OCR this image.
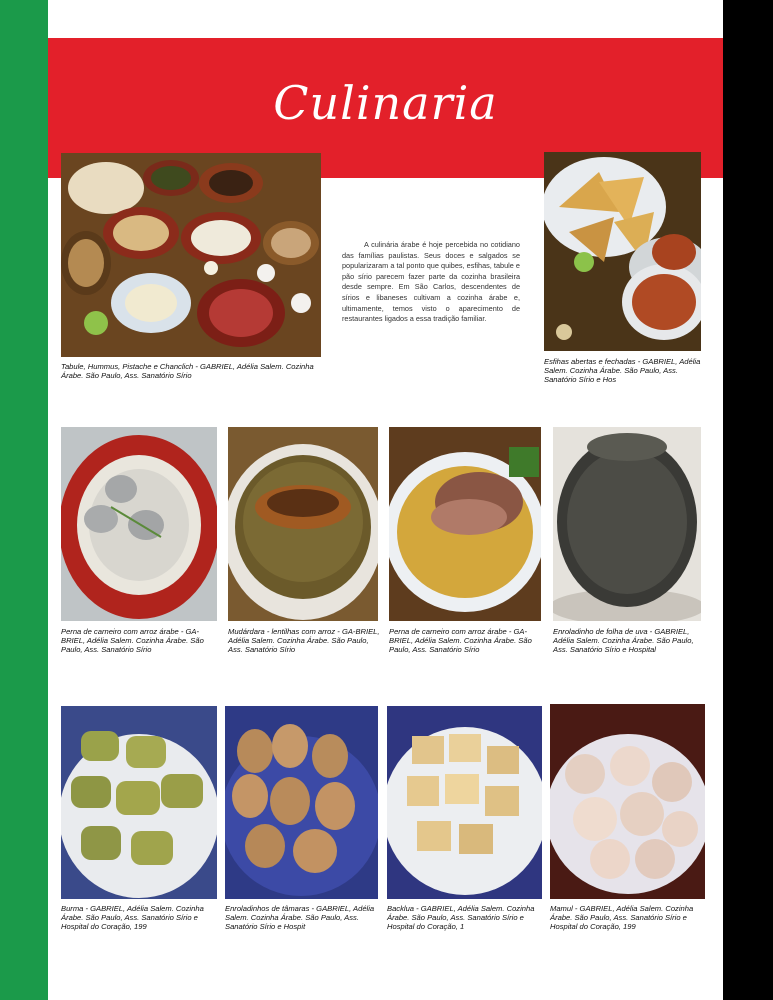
Culinaria
Tabule, Hummus, Pistache e Chanclich - GABRIEL, Adélia Salem. Cozinha Árabe. São Paulo, Ass. Sanatório Sírio
A culinária árabe é hoje percebida no cotidiano das famílias paulistas. Seus doces e salgados se popularizaram a tal ponto que quibes, esfihas, tabule e pão sírio parecem fazer parte da cozinha brasileira desde sempre. Em São Carlos, descendentes de sírios e libaneses cultivam a cozinha árabe e, ultimamente, temos visto o aparecimento de restaurantes ligados a essa tradição familiar.
Esfihas abertas e fechadas - GABRIEL, Adélia Salem. Cozinha Árabe. São Paulo, Ass. Sanatório Sírio e Hos
Perna de carneiro com arroz árabe - GA-BRIEL, Adélia Salem. Cozinha Árabe. São Paulo, Ass. Sanatório Sírio
Mudárdara - lentilhas com arroz - GA-BRIEL, Adélia Salem. Cozinha Árabe. São Paulo, Ass. Sanatório Sírio
Perna de carneiro com arroz árabe - GA-BRIEL, Adélia Salem. Cozinha Árabe. São Paulo, Ass. Sanatório Sírio
Enroladinho de folha de uva - GABRIEL, Adélia Salem. Cozinha Árabe. São Paulo, Ass. Sanatório Sírio e Hospital
Burma - GABRIEL, Adélia Salem. Cozinha Árabe. São Paulo, Ass. Sanatório Sírio e Hospital do Coração, 199
Enroladinhos de tâmaras - GABRIEL, Adélia Salem. Cozinha Árabe. São Paulo, Ass. Sanatório Sírio e Hospit
Backlua - GABRIEL, Adélia Salem. Cozinha Árabe. São Paulo, Ass. Sanatório Sírio e Hospital do Coração, 1
Mamul - GABRIEL, Adélia Salem. Cozinha Árabe. São Paulo, Ass. Sanatório Sírio e Hospital do Coração, 199
